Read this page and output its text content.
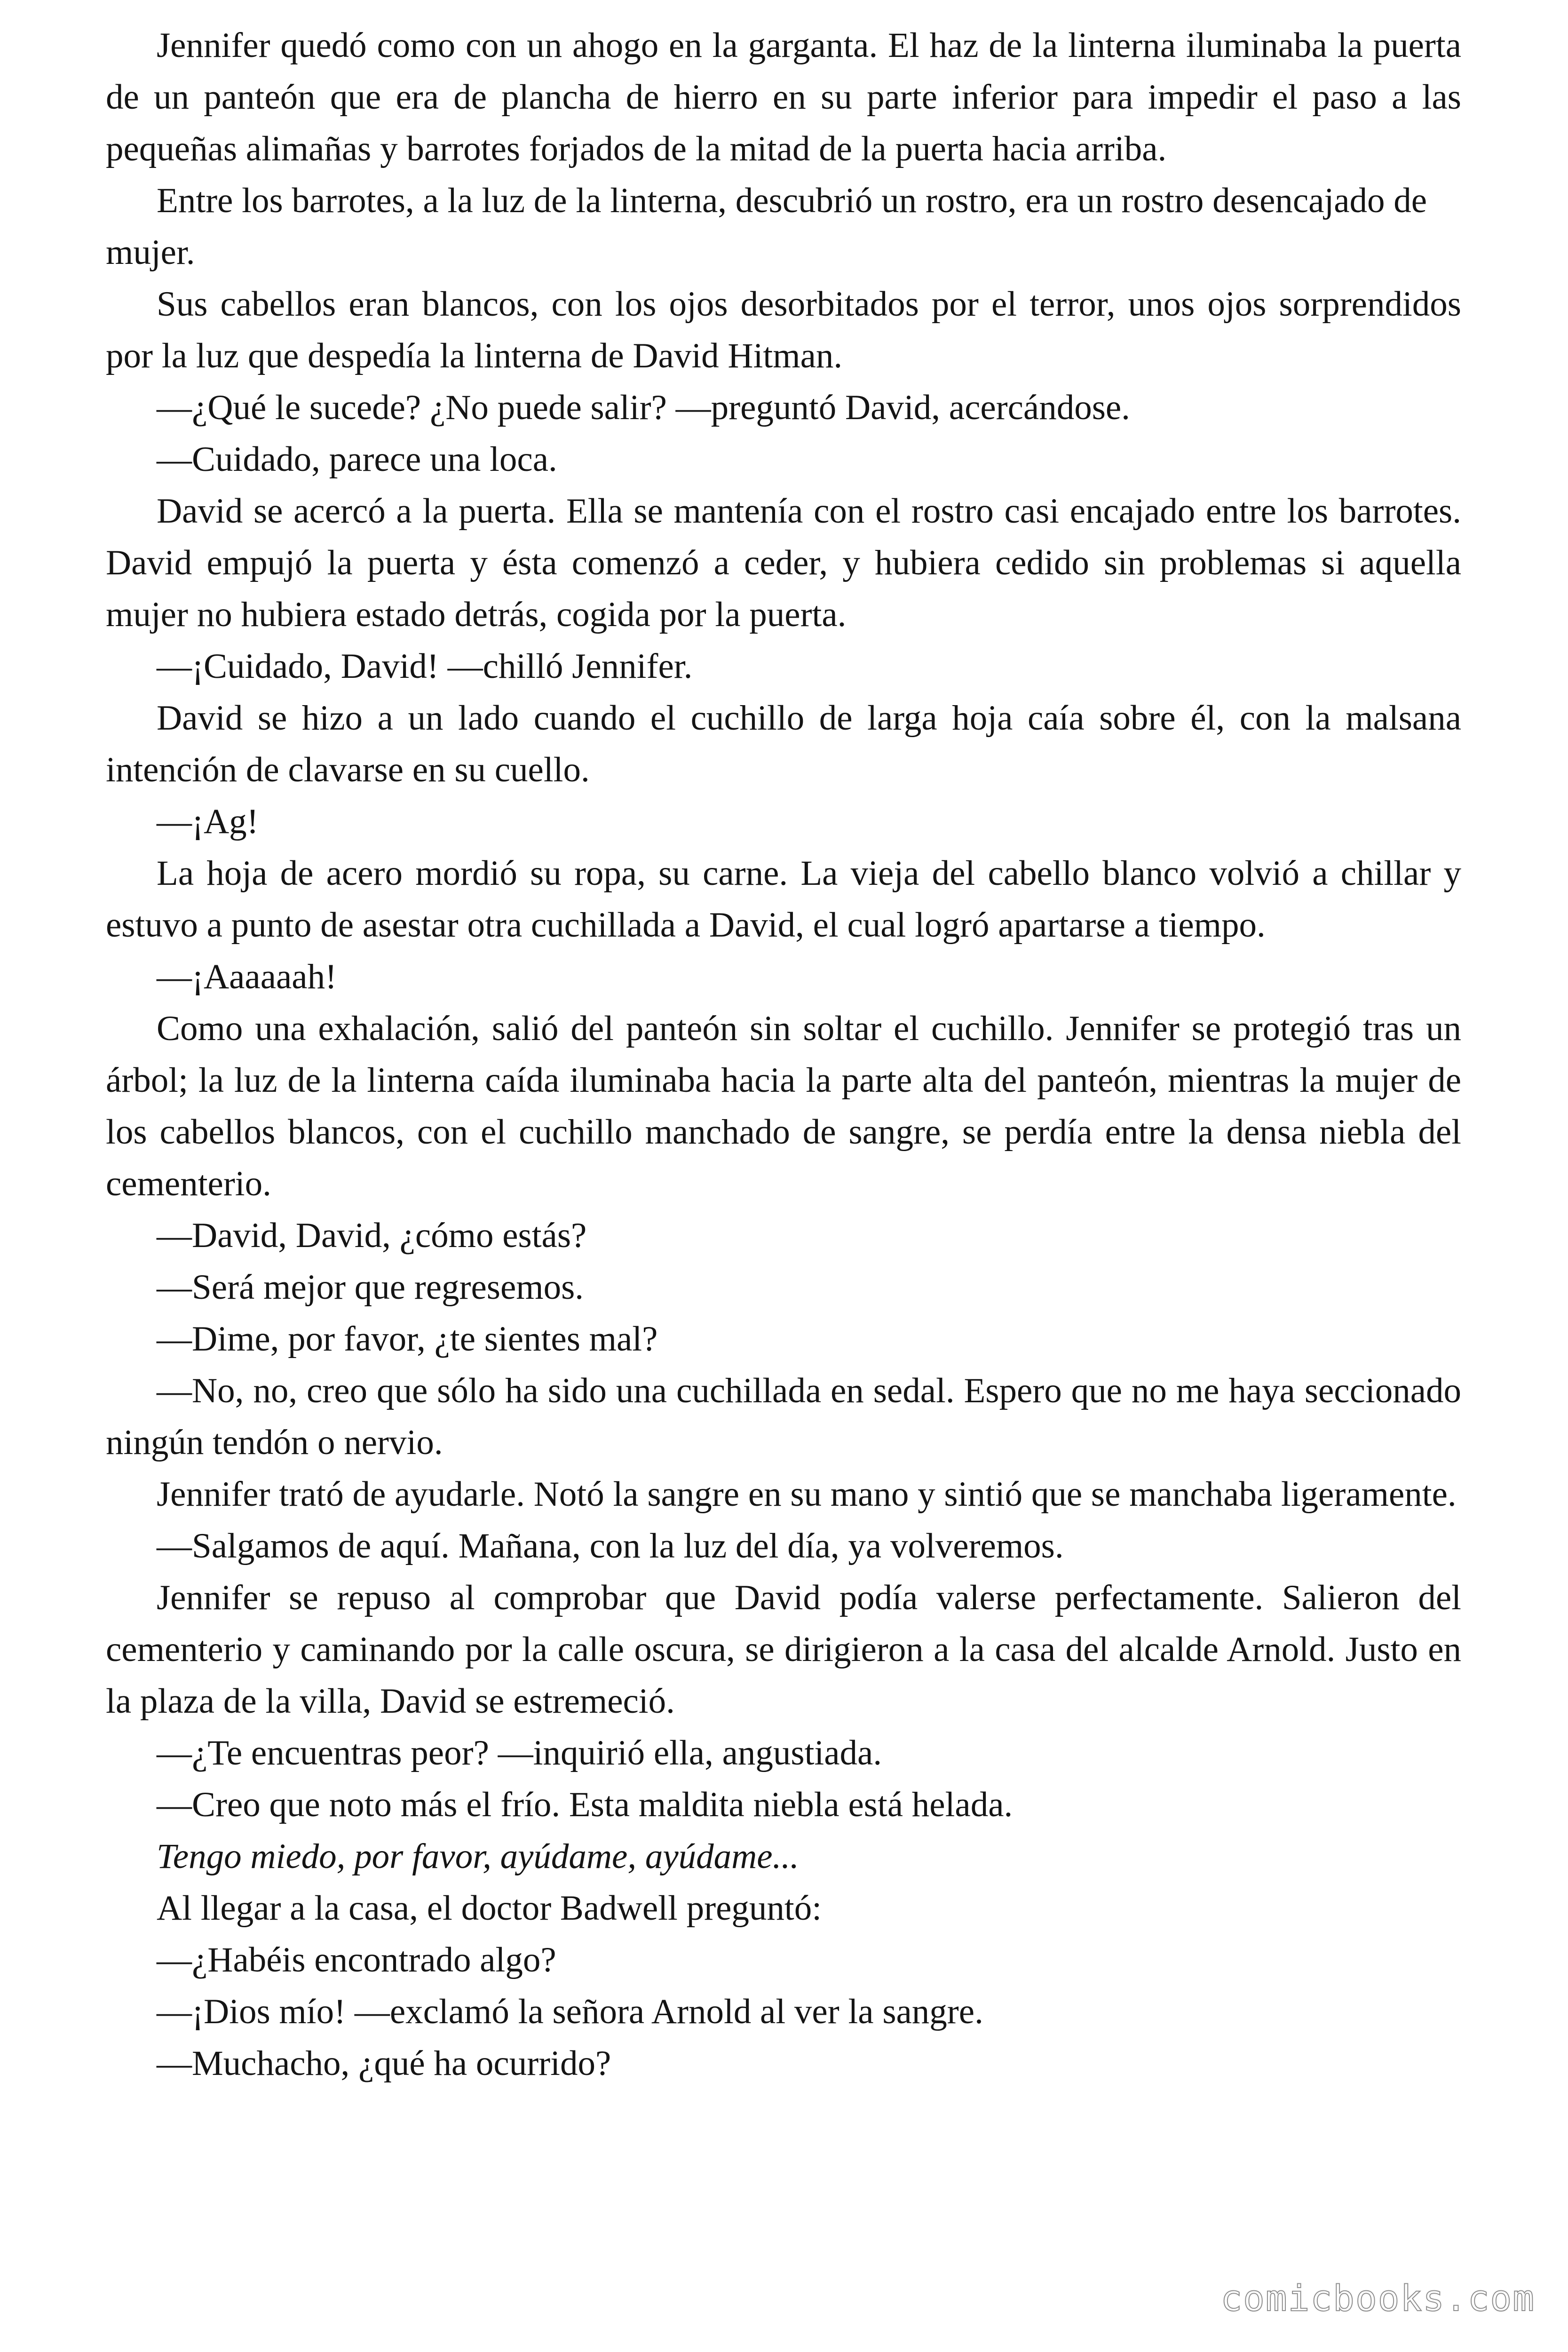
Jennifer quedó como con un ahogo en la garganta. El haz de la linterna iluminaba la puerta de un panteón que era de plancha de hierro en su parte inferior para impedir el paso a las pequeñas alimañas y barrotes forjados de la mitad de la puerta hacia arriba.

Entre los barrotes, a la luz de la linterna, descubrió un rostro, era un rostro desencajado de mujer.

Sus cabellos eran blancos, con los ojos desorbitados por el terror, unos ojos sorprendidos por la luz que despedía la linterna de David Hitman.

—¿Qué le sucede? ¿No puede salir? —preguntó David, acercándose.

—Cuidado, parece una loca.

David se acercó a la puerta. Ella se mantenía con el rostro casi encajado entre los barrotes. David empujó la puerta y ésta comenzó a ceder, y hubiera cedido sin problemas si aquella mujer no hubiera estado detrás, cogida por la puerta.

—¡Cuidado, David! —chilló Jennifer.

David se hizo a un lado cuando el cuchillo de larga hoja caía sobre él, con la malsana intención de clavarse en su cuello.

—¡Ag!

La hoja de acero mordió su ropa, su carne. La vieja del cabello blanco volvió a chillar y estuvo a punto de asestar otra cuchillada a David, el cual logró apartarse a tiempo.

—¡Aaaaaah!

Como una exhalación, salió del panteón sin soltar el cuchillo. Jennifer se protegió tras un árbol; la luz de la linterna caída iluminaba hacia la parte alta del panteón, mientras la mujer de los cabellos blancos, con el cuchillo manchado de sangre, se perdía entre la densa niebla del cementerio.

—David, David, ¿cómo estás?

—Será mejor que regresemos.

—Dime, por favor, ¿te sientes mal?

—No, no, creo que sólo ha sido una cuchillada en sedal. Espero que no me haya seccionado ningún tendón o nervio.

Jennifer trató de ayudarle. Notó la sangre en su mano y sintió que se manchaba ligeramente.

—Salgamos de aquí. Mañana, con la luz del día, ya volveremos.

Jennifer se repuso al comprobar que David podía valerse perfectamente. Salieron del cementerio y caminando por la calle oscura, se dirigieron a la casa del alcalde Arnold. Justo en la plaza de la villa, David se estremeció.

—¿Te encuentras peor? —inquirió ella, angustiada.

—Creo que noto más el frío. Esta maldita niebla está helada.

Tengo miedo, por favor, ayúdame, ayúdame...

Al llegar a la casa, el doctor Badwell preguntó:

—¿Habéis encontrado algo?

—¡Dios mío! —exclamó la señora Arnold al ver la sangre.

—Muchacho, ¿qué ha ocurrido?

comicbooks.com
